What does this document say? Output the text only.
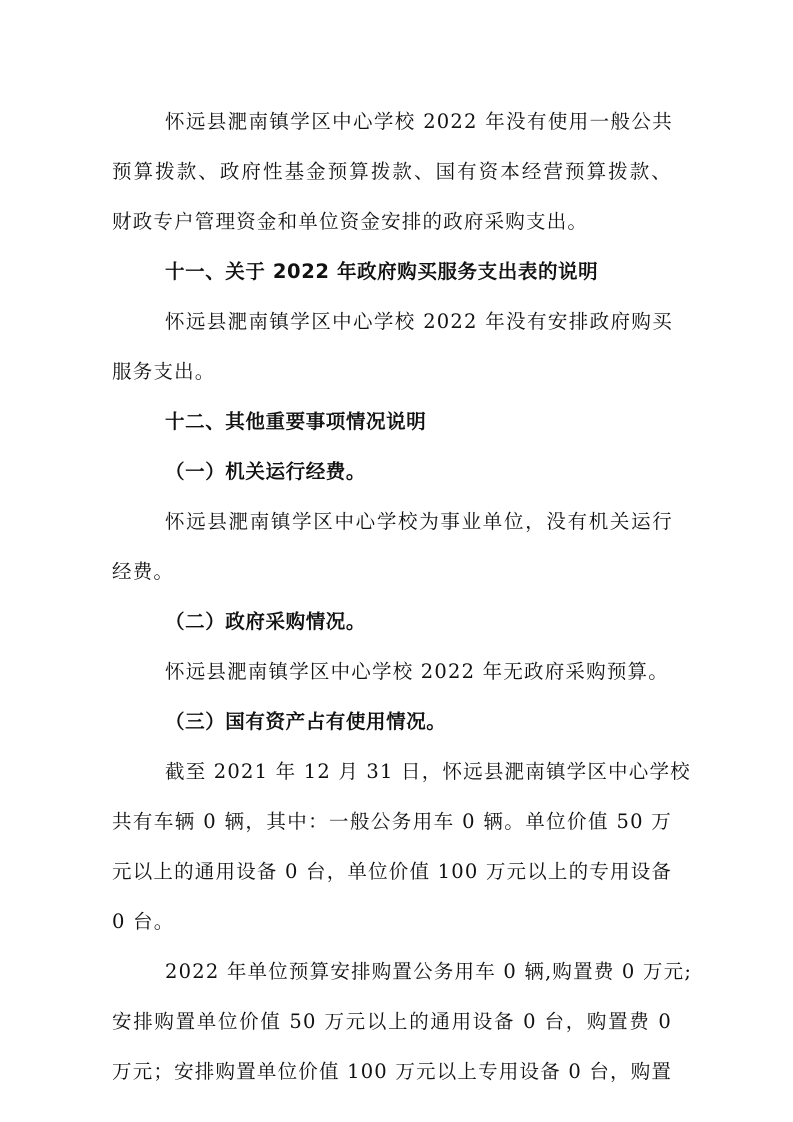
怀远县淝南镇学区中心学校 2022 年没有使用一般公共
预算拨款、政府性基金预算拨款、国有资本经营预算拨款、
财政专户管理资金和单位资金安排的政府采购支出。
十一、关于 2022 年政府购买服务支出表的说明
怀远县淝南镇学区中心学校 2022 年没有安排政府购买
服务支出。
十二、其他重要事项情况说明
（一）机关运行经费。
怀远县淝南镇学区中心学校为事业单位，没有机关运行
经费。
（二）政府采购情况。
怀远县淝南镇学区中心学校 2022 年无政府采购预算。
（三）国有资产占有使用情况。
截至 2021 年 12 月 31 日，怀远县淝南镇学区中心学校
共有车辆 0 辆，其中：一般公务用车 0 辆。单位价值 50 万
元以上的通用设备 0 台，单位价值 100 万元以上的专用设备
0 台。
2022 年单位预算安排购置公务用车 0 辆,购置费 0 万元;
安排购置单位价值 50 万元以上的通用设备 0 台，购置费 0
万元；安排购置单位价值 100 万元以上专用设备 0 台，购置
